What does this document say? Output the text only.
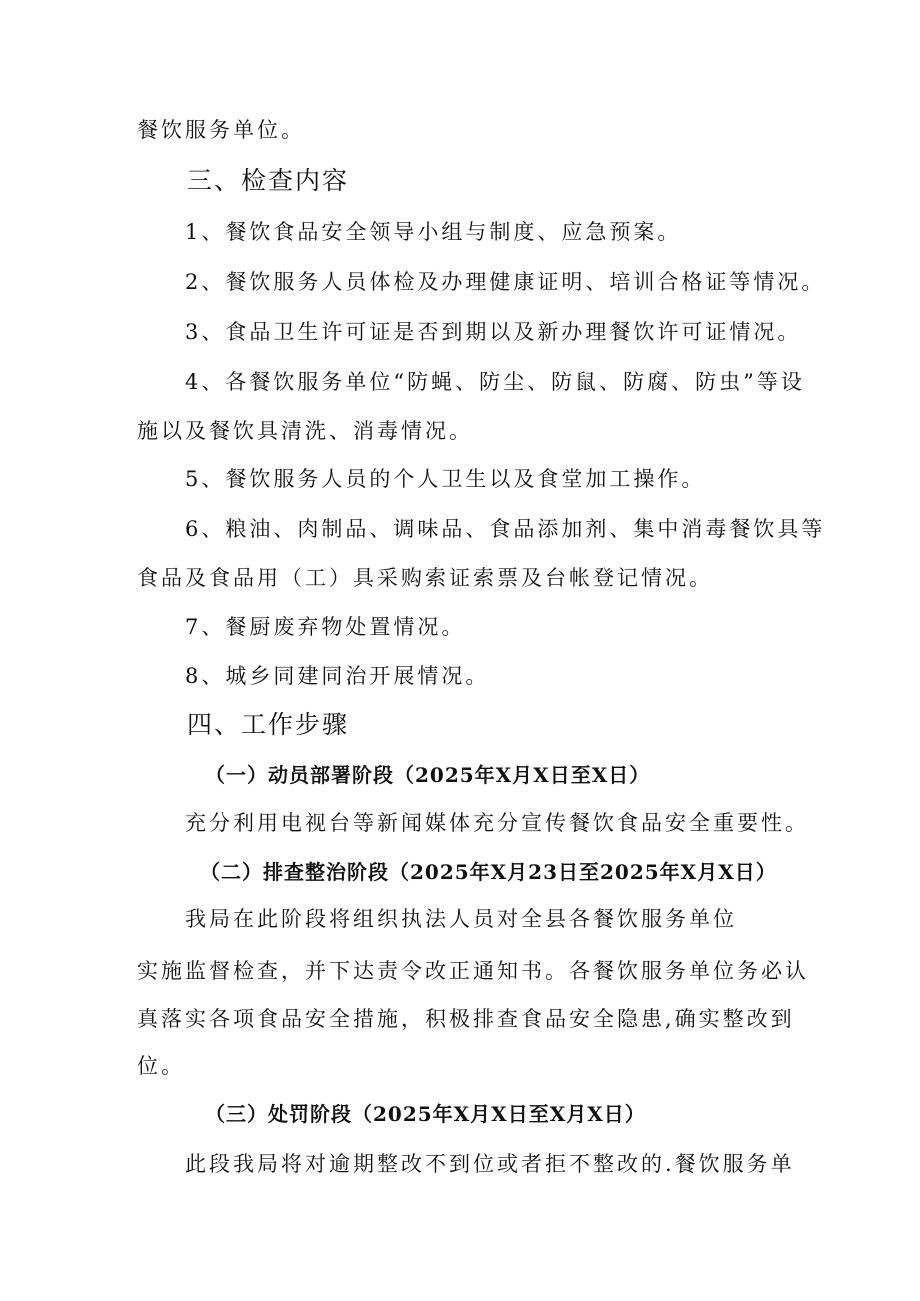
餐饮服务单位。
三、检查内容
1、餐饮食品安全领导小组与制度、应急预案。
2、餐饮服务人员体检及办理健康证明、培训合格证等情况。
3、食品卫生许可证是否到期以及新办理餐饮许可证情况。
4、各餐饮服务单位“防蝇、防尘、防鼠、防腐、防虫”等设
施以及餐饮具清洗、消毒情况。
5、餐饮服务人员的个人卫生以及食堂加工操作。
6、粮油、肉制品、调味品、食品添加剂、集中消毒餐饮具等
食品及食品用（工）具采购索证索票及台帐登记情况。
7、餐厨废弃物处置情况。
8、城乡同建同治开展情况。
四、工作步骤
（一）动员部署阶段（2025年X月X日至X日）
充分利用电视台等新闻媒体充分宣传餐饮食品安全重要性。
（二）排查整治阶段（2025年X月23日至2025年X月X日）
我局在此阶段将组织执法人员对全县各餐饮服务单位
实施监督检查，并下达责令改正通知书。各餐饮服务单位务必认
真落实各项食品安全措施，积极排查食品安全隐患,确实整改到
位。
（三）处罚阶段（2025年X月X日至X月X日）
此段我局将对逾期整改不到位或者拒不整改的.餐饮服务单
